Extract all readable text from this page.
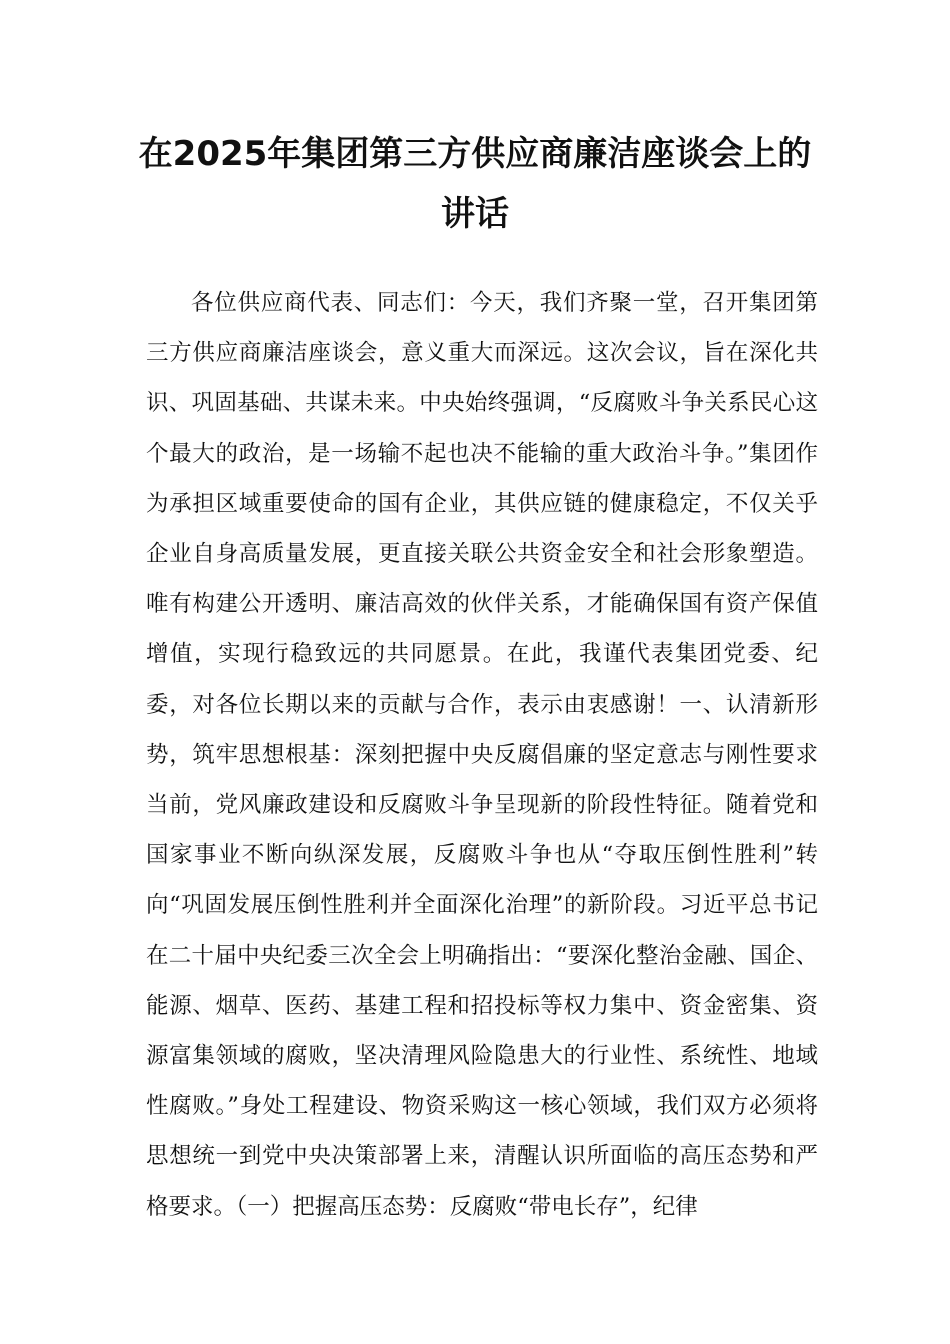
在2025年集团第三方供应商廉洁座谈会上的讲话

各位供应商代表、同志们：今天，我们齐聚一堂，召开集团第三方供应商廉洁座谈会，意义重大而深远。这次会议，旨在深化共识、巩固基础、共谋未来。中央始终强调，“反腐败斗争关系民心这个最大的政治，是一场输不起也决不能输的重大政治斗争。”集团作为承担区域重要使命的国有企业，其供应链的健康稳定，不仅关乎企业自身高质量发展，更直接关联公共资金安全和社会形象塑造。唯有构建公开透明、廉洁高效的伙伴关系，才能确保国有资产保值增值，实现行稳致远的共同愿景。在此，我谨代表集团党委、纪委，对各位长期以来的贡献与合作，表示由衷感谢！一、认清新形势，筑牢思想根基：深刻把握中央反腐倡廉的坚定意志与刚性要求当前，党风廉政建设和反腐败斗争呈现新的阶段性特征。随着党和国家事业不断向纵深发展，反腐败斗争也从“夺取压倒性胜利”转向“巩固发展压倒性胜利并全面深化治理”的新阶段。习近平总书记在二十届中央纪委三次全会上明确指出：“要深化整治金融、国企、能源、烟草、医药、基建工程和招投标等权力集中、资金密集、资源富集领域的腐败，坚决清理风险隐患大的行业性、系统性、地域性腐败。”身处工程建设、物资采购这一核心领域，我们双方必须将思想统一到党中央决策部署上来，清醒认识所面临的高压态势和严格要求。（一）把握高压态势：反腐败“带电长存”，纪律
